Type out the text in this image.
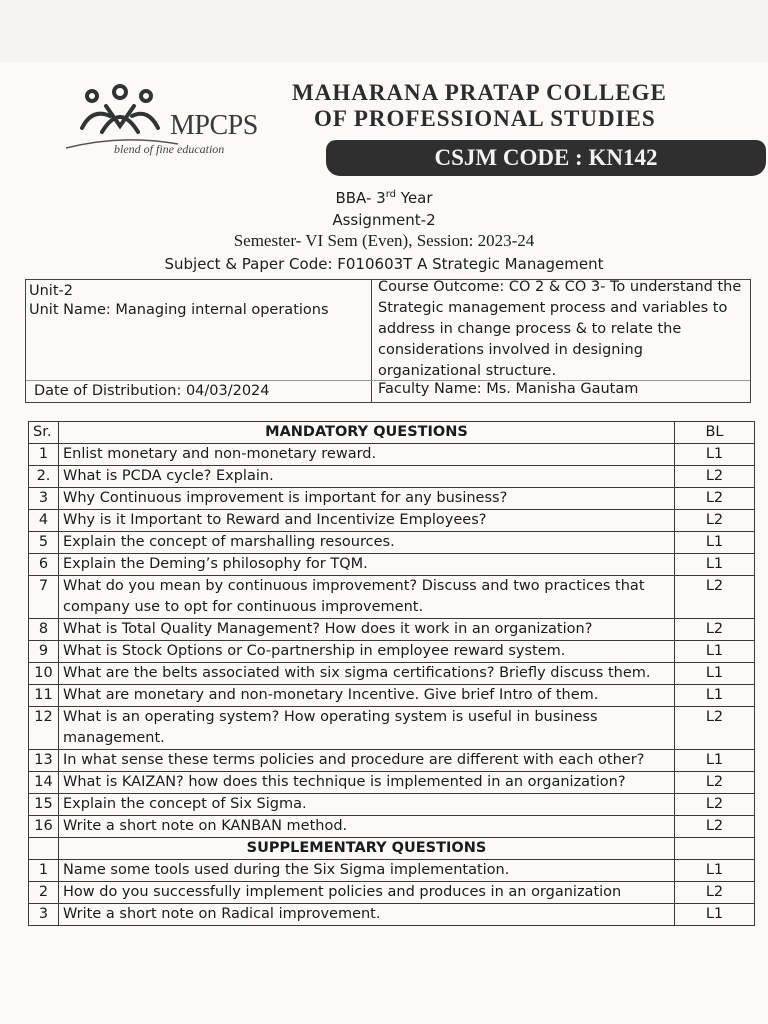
MPCPS
blend of fine education
MAHARANA PRATAP COLLEGE
OF PROFESSIONAL STUDIES
CSJM CODE : KN142
BBA- 3rd Year
Assignment-2
Semester- VI Sem (Even), Session: 2023-24
Subject & Paper Code: F010603T A Strategic Management
Unit-2
Unit Name: Managing internal operations
Course Outcome: CO 2 & CO 3- To understand the Strategic management process and variables to address in change process & to relate the considerations involved in designing organizational structure.
Date of Distribution: 04/03/2024	Faculty Name: Ms. Manisha Gautam
Sr.	MANDATORY QUESTIONS	BL
1	Enlist monetary and non-monetary reward.	L1
2.	What is PCDA cycle? Explain.	L2
3	Why Continuous improvement is important for any business?	L2
4	Why is it Important to Reward and Incentivize Employees?	L2
5	Explain the concept of marshalling resources.	L1
6	Explain the Deming’s philosophy for TQM.	L1
7	What do you mean by continuous improvement? Discuss and two practices that company use to opt for continuous improvement.	L2
8	What is Total Quality Management? How does it work in an organization?	L2
9	What is Stock Options or Co-partnership in employee reward system.	L1
10	What are the belts associated with six sigma certifications? Briefly discuss them.	L1
11	What are monetary and non-monetary Incentive. Give brief Intro of them.	L1
12	What is an operating system? How operating system is useful in business management.	L2
13	In what sense these terms policies and procedure are different with each other?	L1
14	What is KAIZAN? how does this technique is implemented in an organization?	L2
15	Explain the concept of Six Sigma.	L2
16	Write a short note on KANBAN method.	L2
	SUPPLEMENTARY QUESTIONS	
1	Name some tools used during the Six Sigma implementation.	L1
2	How do you successfully implement policies and produces in an organization	L2
3	Write a short note on Radical improvement.	L1
